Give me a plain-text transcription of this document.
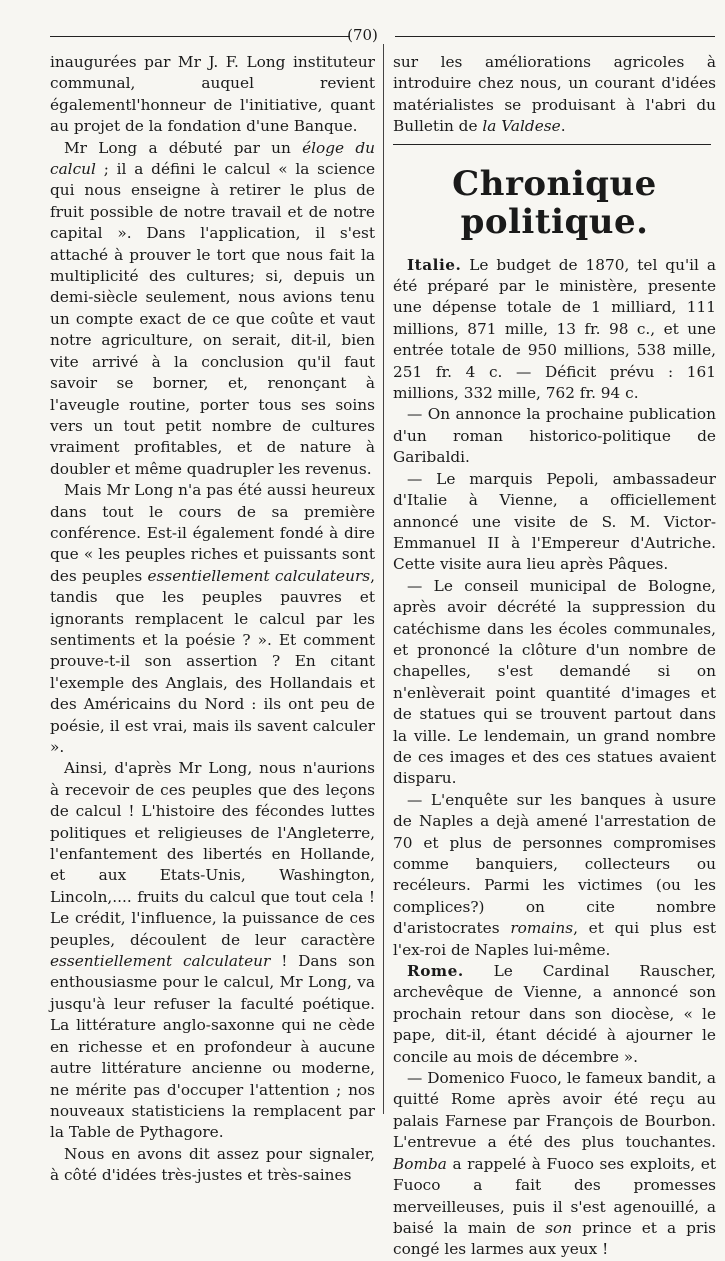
(70)

inaugurées par Mr J. F. Long instituteur communal, auquel revient égalementl'honneur de l'initiative, quant au projet de la fondation d'une Banque.

Mr Long a débuté par un éloge du calcul ; il a défini le calcul « la science qui nous enseigne à retirer le plus de fruit possible de notre travail et de notre capital ». Dans l'application, il s'est attaché à prouver le tort que nous fait la multiplicité des cultures; si, depuis un demi-siècle seulement, nous avions tenu un compte exact de ce que coûte et vaut notre agriculture, on serait, dit-il, bien vite arrivé à la conclusion qu'il faut savoir se borner, et, renonçant à l'aveugle routine, porter tous ses soins vers un tout petit nombre de cultures vraiment profitables, et de nature à doubler et même quadrupler les revenus.

Mais Mr Long n'a pas été aussi heureux dans tout le cours de sa première conférence. Est-il également fondé à dire que « les peuples riches et puissants sont des peuples essentiellement calculateurs, tandis que les peuples pauvres et ignorants remplacent le calcul par les sentiments et la poésie ? ». Et comment prouve-t-il son assertion ? En citant l'exemple des Anglais, des Hollandais et des Américains du Nord : ils ont peu de poésie, il est vrai, mais ils savent calculer ».

Ainsi, d'après Mr Long, nous n'aurions à recevoir de ces peuples que des leçons de calcul ! L'histoire des fécondes luttes politiques et religieuses de l'Angleterre, l'enfantement des libertés en Hollande, et aux Etats-Unis, Washington, Lincoln,.... fruits du calcul que tout cela ! Le crédit, l'influence, la puissance de ces peuples, découlent de leur caractère essentiellement calculateur ! Dans son enthousiasme pour le calcul, Mr Long, va jusqu'à leur refuser la faculté poétique. La littérature anglo-saxonne qui ne cède en richesse et en profondeur à aucune autre littérature ancienne ou moderne, ne mérite pas d'occuper l'attention ; nos nouveaux statisticiens la remplacent par la Table de Pythagore.

Nous en avons dit assez pour signaler, à côté d'idées très-justes et très-saines

sur les améliorations agricoles à introduire chez nous, un courant d'idées matérialistes se produisant à l'abri du Bulletin de la Valdese.

Chronique politique.

Italie. Le budget de 1870, tel qu'il a été préparé par le ministère, presente une dépense totale de 1 milliard, 111 millions, 871 mille, 13 fr. 98 c., et une entrée totale de 950 millions, 538 mille, 251 fr. 4 c. — Déficit prévu : 161 millions, 332 mille, 762 fr. 94 c.

— On annonce la prochaine publication d'un roman historico-politique de Garibaldi.

— Le marquis Pepoli, ambassadeur d'Italie à Vienne, a officiellement annoncé une visite de S. M. Victor-Emmanuel II à l'Empereur d'Autriche. Cette visite aura lieu après Pâques.

— Le conseil municipal de Bologne, après avoir décrété la suppression du catéchisme dans les écoles communales, et prononcé la clôture d'un nombre de chapelles, s'est demandé si on n'enlèverait point quantité d'images et de statues qui se trouvent partout dans la ville. Le lendemain, un grand nombre de ces images et des ces statues avaient disparu.

— L'enquête sur les banques à usure de Naples a dejà amené l'arrestation de 70 et plus de personnes compromises comme banquiers, collecteurs ou recéleurs. Parmi les victimes (ou les complices?) on cite nombre d'aristocrates romains, et qui plus est l'ex-roi de Naples lui-même.

Rome. Le Cardinal Rauscher, archevêque de Vienne, a annoncé son prochain retour dans son diocèse, « le pape, dit-il, étant décidé à ajourner le concile au mois de décembre ».

— Domenico Fuoco, le fameux bandit, a quitté Rome après avoir été reçu au palais Farnese par François de Bourbon. L'entrevue a été des plus touchantes. Bomba a rappelé à Fuoco ses exploits, et Fuoco a fait des promesses merveilleuses, puis il s'est agenouillé, a baisé la main de son prince et a pris congé les larmes aux yeux !
